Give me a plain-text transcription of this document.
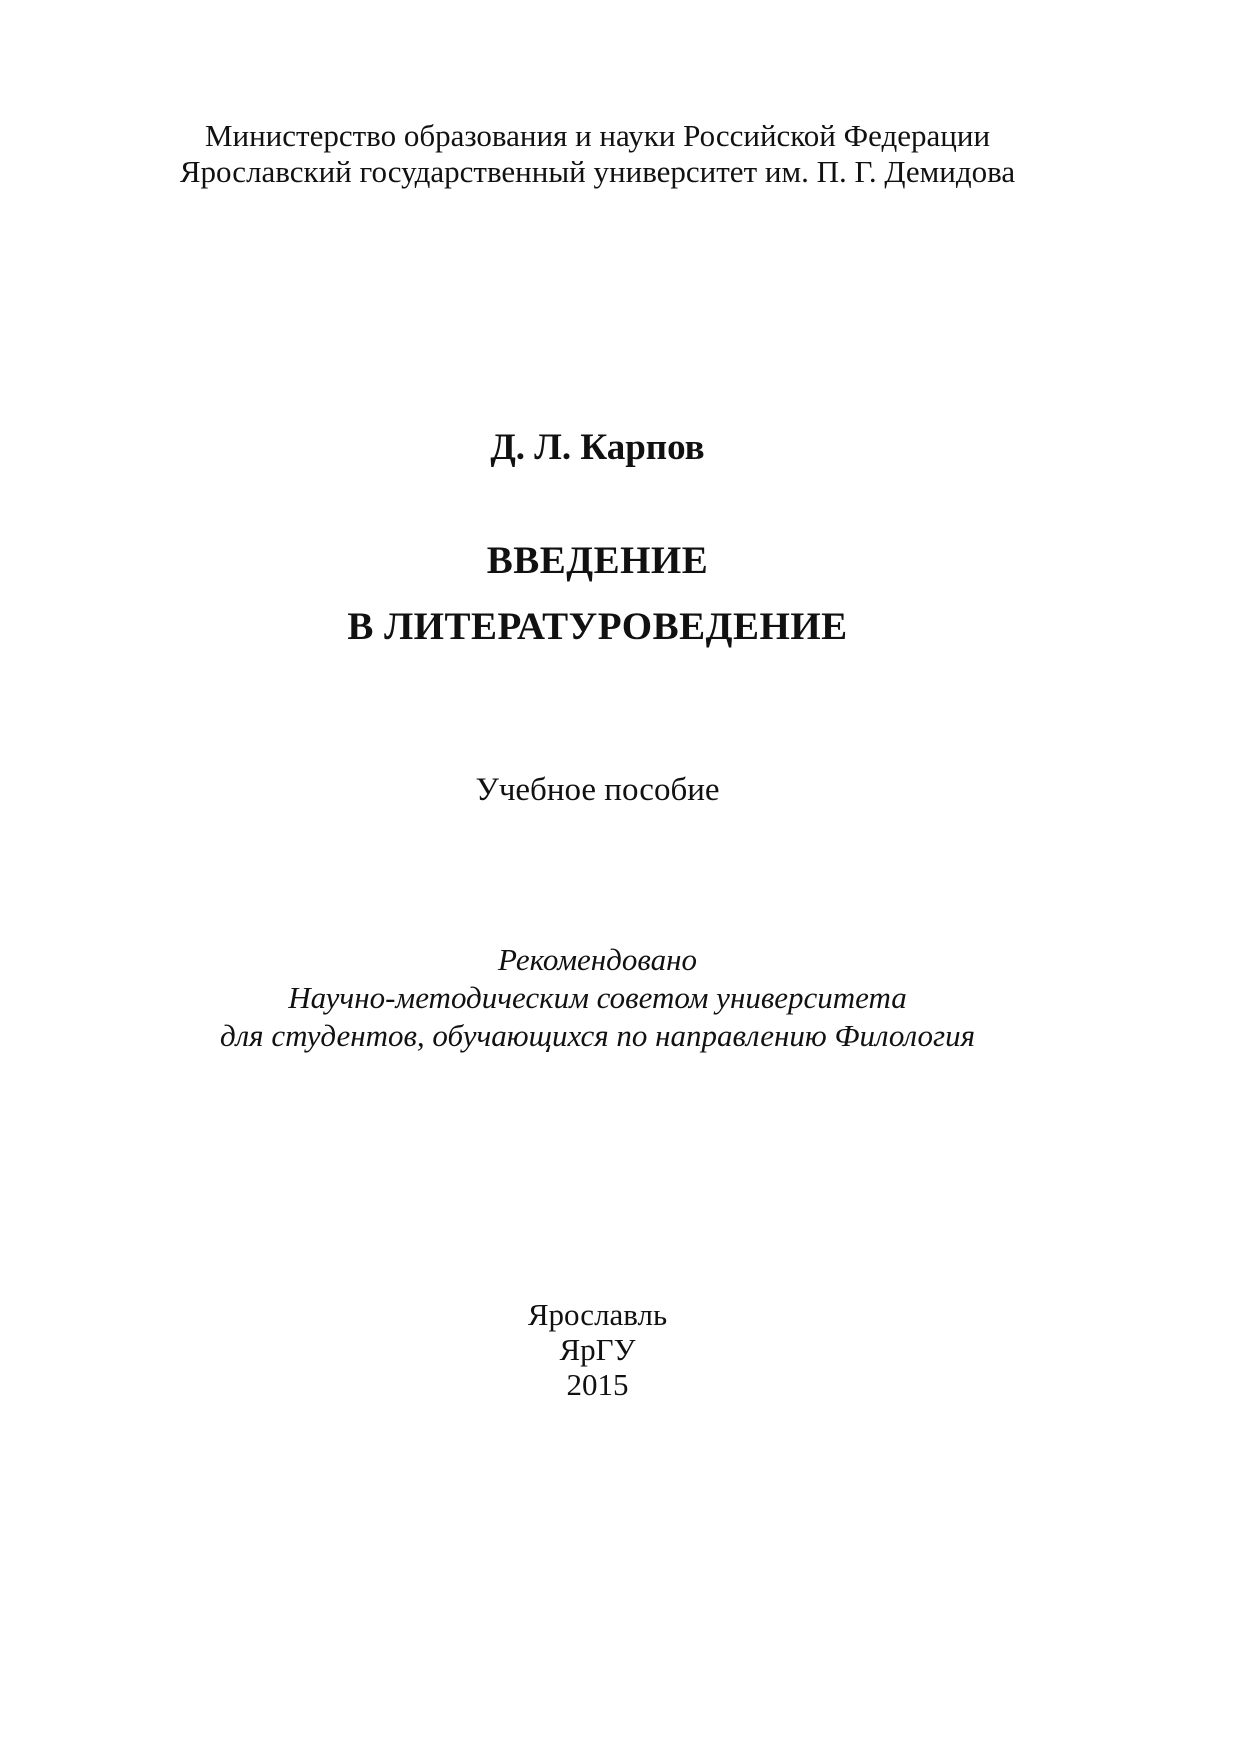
Министерство образования и науки Российской Федерации
Ярославский государственный университет им. П. Г. Демидова
Д. Л. Карпов
ВВЕДЕНИЕ
В ЛИТЕРАТУРОВЕДЕНИЕ
Учебное пособие
Рекомендовано
Научно-методическим советом университета
для студентов, обучающихся по направлению Филология
Ярославль
ЯрГУ
2015
